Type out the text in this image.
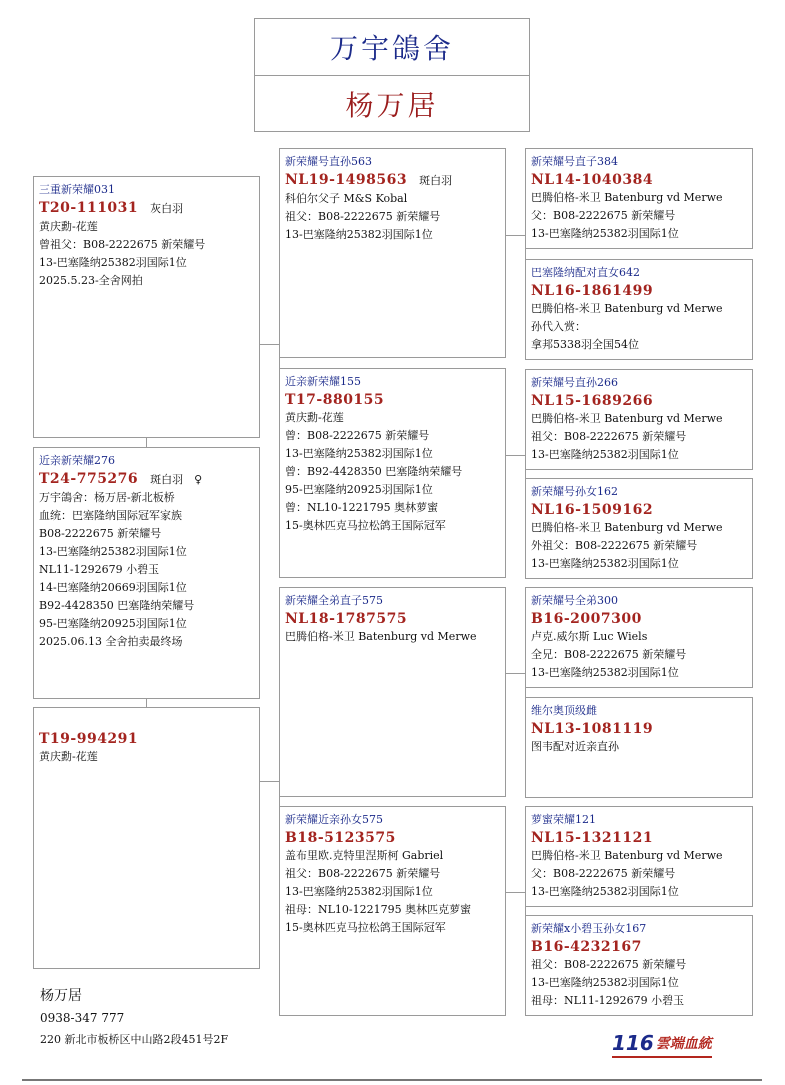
万宇鴿舍
杨万居
三重新荣耀031
T20-111031 灰白羽
黄庆勳-花莲
曾祖父：B08-2222675 新荣耀号
13-巴塞隆纳25382羽国际1位
2025.5.23-全舍网拍
近亲新荣耀276
T24-775276 斑白羽　♀
万宇鴿舍：杨万居-新北板桥
血统：巴塞隆纳国际冠军家族
B08-2222675 新荣耀号
13-巴塞隆纳25382羽国际1位
NL11-1292679 小碧玉
14-巴塞隆纳20669羽国际1位
B92-4428350 巴塞隆纳荣耀号
95-巴塞隆纳20925羽国际1位
2025.06.13 全舍拍卖最终场
T19-994291
黄庆勳-花莲
新荣耀号直孙563
NL19-1498563 斑白羽
科伯尔父子 M&S Kobal
祖父：B08-2222675 新荣耀号
13-巴塞隆纳25382羽国际1位
近亲新荣耀155
T17-880155
黄庆勳-花莲
曾：B08-2222675 新荣耀号
13-巴塞隆纳25382羽国际1位
曾：B92-4428350 巴塞隆纳荣耀号
95-巴塞隆纳20925羽国际1位
曾：NL10-1221795 奥林萝蜜
15-奥林匹克马拉松鸽王国际冠军
新荣耀全弟直子575
NL18-1787575
巴腾伯格-米卫 Batenburg vd Merwe
新荣耀近亲孙女575
B18-5123575
盖布里欧.克特里涅斯柯 Gabriel
祖父：B08-2222675 新荣耀号
13-巴塞隆纳25382羽国际1位
祖母：NL10-1221795 奥林匹克萝蜜
15-奥林匹克马拉松鸽王国际冠军
新荣耀号直子384
NL14-1040384
巴腾伯格-米卫 Batenburg vd Merwe
父：B08-2222675 新荣耀号
13-巴塞隆纳25382羽国际1位
巴塞隆纳配对直女642
NL16-1861499
巴腾伯格-米卫 Batenburg vd Merwe
孙代入赏：
拿邦5338羽全国54位
新荣耀号直孙266
NL15-1689266
巴腾伯格-米卫 Batenburg vd Merwe
祖父：B08-2222675 新荣耀号
13-巴塞隆纳25382羽国际1位
新荣耀号孙女162
NL16-1509162
巴腾伯格-米卫 Batenburg vd Merwe
外祖父：B08-2222675 新荣耀号
13-巴塞隆纳25382羽国际1位
新荣耀号全弟300
B16-2007300
卢克.威尔斯 Luc Wiels
全兄：B08-2222675 新荣耀号
13-巴塞隆纳25382羽国际1位
维尔奥顶级雌
NL13-1081119
图韦配对近亲直孙
萝蜜荣耀121
NL15-1321121
巴腾伯格-米卫 Batenburg vd Merwe
父：B08-2222675 新荣耀号
13-巴塞隆纳25382羽国际1位
新荣耀x小碧玉孙女167
B16-4232167
祖父：B08-2222675 新荣耀号
13-巴塞隆纳25382羽国际1位
祖母：NL11-1292679 小碧玉
杨万居
0938-347 777
220 新北市板桥区中山路2段451号2F	116 雲端血統
